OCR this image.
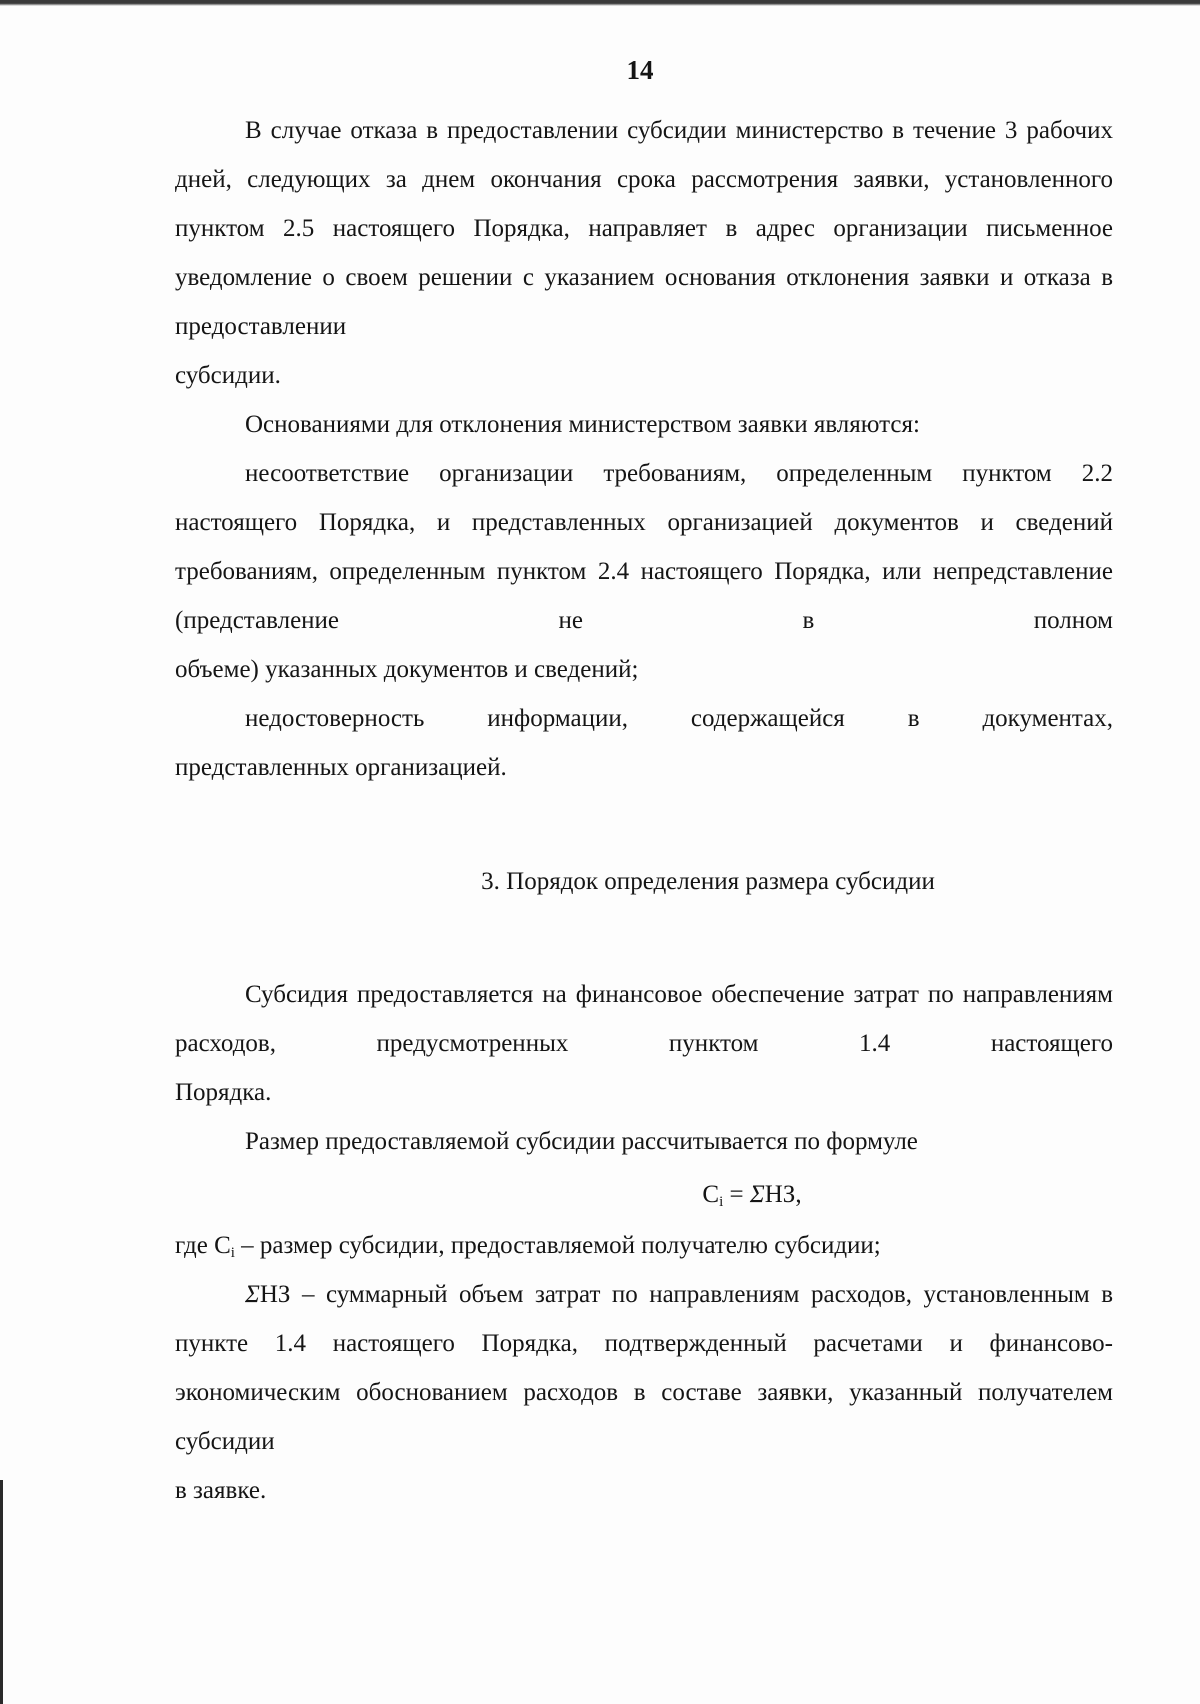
14

В случае отказа в предоставлении субсидии министерство в течение 3 рабочих дней, следующих за днем окончания срока рассмотрения заявки, установленного пунктом 2.5 настоящего Порядка, направляет в адрес организации письменное уведомление о своем решении с указанием основания отклонения заявки и отказа в предоставлении

субсидии.

Основаниями для отклонения министерством заявки являются:

несоответствие организации требованиям, определенным пунктом 2.2 настоящего Порядка, и представленных организацией документов и сведений требованиям, определенным пунктом 2.4 настоящего Порядка, или непредставление (представление не в полном

объеме) указанных документов и сведений;

недостоверность информации, содержащейся в документах,

представленных организацией.

3. Порядок определения размера субсидии

Субсидия предоставляется на финансовое обеспечение затрат по направлениям расходов, предусмотренных пунктом 1.4 настоящего

Порядка.

Размер предоставляемой субсидии рассчитывается по формуле

$C_i = \Sigma НЗ$,

где $C_i$ – размер субсидии, предоставляемой получателю субсидии;

ΣНЗ – суммарный объем затрат по направлениям расходов, установленным в пункте 1.4 настоящего Порядка, подтвержденный расчетами и финансово-экономическим обоснованием расходов в составе заявки, указанный получателем субсидии

в заявке.
